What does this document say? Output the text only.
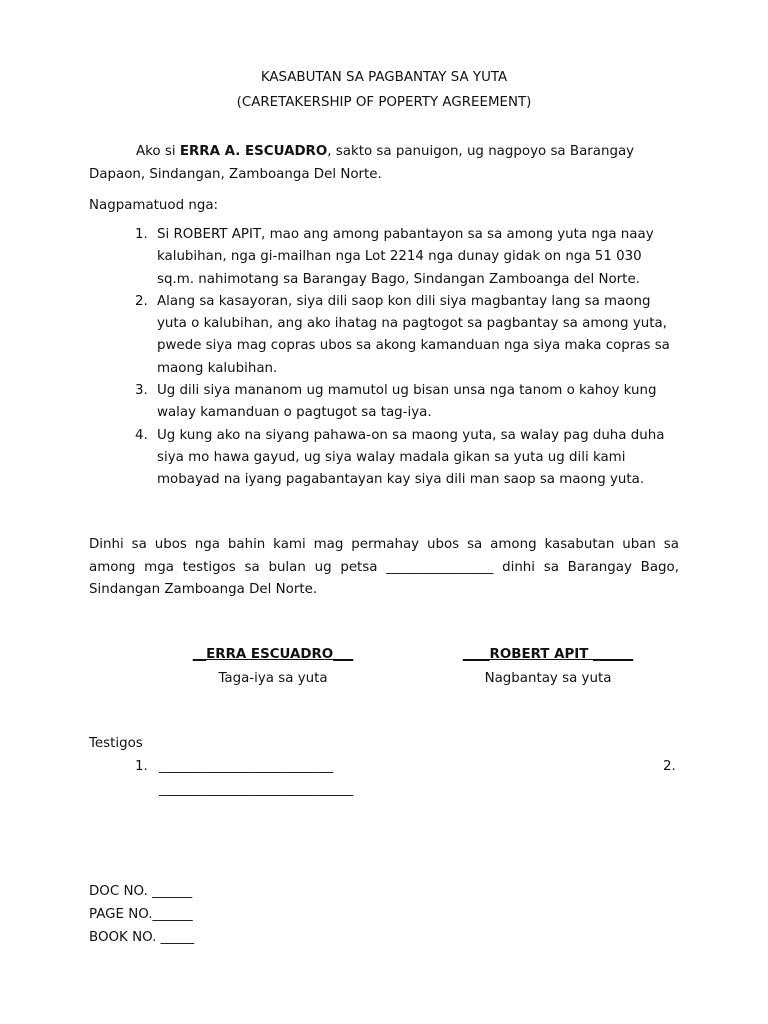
KASABUTAN SA PAGBANTAY SA YUTA
(CARETAKERSHIP OF POPERTY AGREEMENT)
Ako si ERRA A. ESCUADRO, sakto sa panuigon, ug nagpoyo sa Barangay Dapaon, Sindangan, Zamboanga Del Norte.
Nagpamatuod nga:
1. Si ROBERT APIT, mao ang among pabantayon sa sa among yuta nga naay kalubihan, nga gi-mailhan nga Lot 2214 nga dunay gidak on nga 51 030 sq.m. nahimotang sa Barangay Bago, Sindangan Zamboanga del Norte.
2. Alang sa kasayoran, siya dili saop kon dili siya magbantay lang sa maong yuta o kalubihan, ang ako ihatag na pagtogot sa pagbantay sa among yuta, pwede siya mag copras ubos sa akong kamanduan nga siya maka copras sa maong kalubihan.
3. Ug dili siya mananom ug mamutol ug bisan unsa nga tanom o kahoy kung walay kamanduan o pagtugot sa tag-iya.
4. Ug kung ako na siyang pahawa-on sa maong yuta, sa walay pag duha duha siya mo hawa gayud, ug siya walay madala gikan sa yuta ug dili kami mobayad na iyang pagabantayan kay siya dili man saop sa maong yuta.
Dinhi sa ubos nga bahin kami mag permahay ubos sa among kasabutan uban sa among mga testigos sa bulan ug petsa ________________ dinhi sa Barangay Bago, Sindangan Zamboanga Del Norte.
__ERRA ESCUADRO___
Taga-iya sa yuta
____ROBERT APIT ______
Nagbantay sa yuta
Testigos
1. __________________________	2.
_____________________________
DOC NO. ______
PAGE NO.______
BOOK NO. _____
